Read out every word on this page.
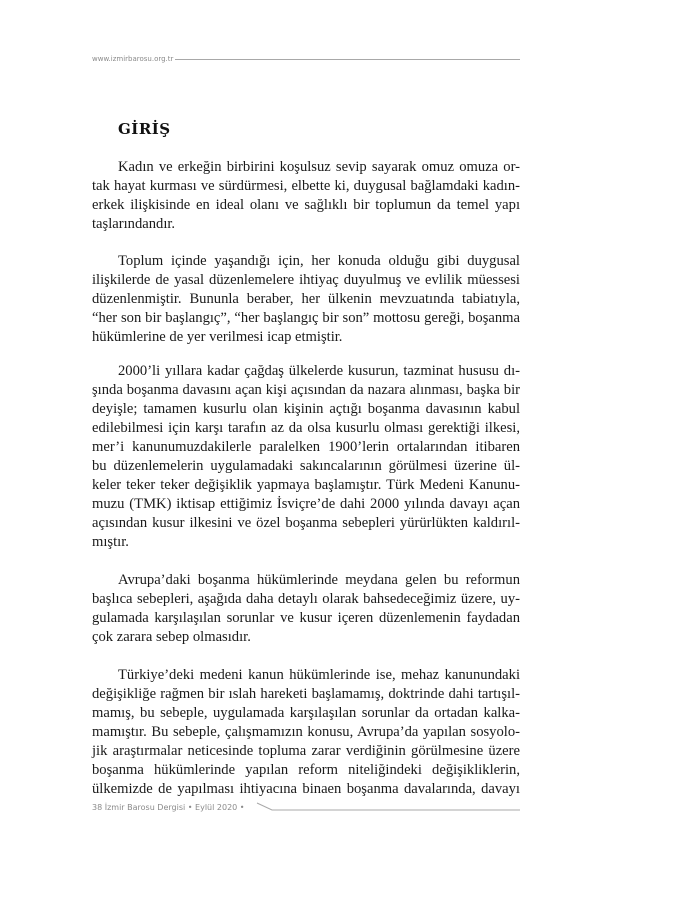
www.izmirbarosu.org.tr
GİRİŞ
Kadın ve erkeğin birbirini koşulsuz sevip sayarak omuz omuza or-
tak hayat kurması ve sürdürmesi, elbette ki, duygusal bağlamdaki kadın-
erkek ilişkisinde en ideal olanı ve sağlıklı bir toplumun da temel yapı
taşlarındandır.
Toplum içinde yaşandığı için, her konuda olduğu gibi duygusal
ilişkilerde de yasal düzenlemelere ihtiyaç duyulmuş ve evlilik müessesi
düzenlenmiştir. Bununla beraber, her ülkenin mevzuatında tabiatıyla,
“her son bir başlangıç”, “her başlangıç bir son” mottosu gereği, boşanma
hükümlerine de yer verilmesi icap etmiştir.
2000’li yıllara kadar çağdaş ülkelerde kusurun, tazminat hususu dı-
şında boşanma davasını açan kişi açısından da nazara alınması, başka bir
deyişle; tamamen kusurlu olan kişinin açtığı boşanma davasının kabul
edilebilmesi için karşı tarafın az da olsa kusurlu olması gerektiği ilkesi,
mer’i kanunumuzdakilerle paralelken 1900’lerin ortalarından itibaren
bu düzenlemelerin uygulamadaki sakıncalarının görülmesi üzerine ül-
keler teker teker değişiklik yapmaya başlamıştır. Türk Medeni Kanunu-
muzu (TMK) iktisap ettiğimiz İsviçre’de dahi 2000 yılında davayı açan
açısından kusur ilkesini ve özel boşanma sebepleri yürürlükten kaldırıl-
mıştır.
Avrupa’daki boşanma hükümlerinde meydana gelen bu reformun
başlıca sebepleri, aşağıda daha detaylı olarak bahsedeceğimiz üzere, uy-
gulamada karşılaşılan sorunlar ve kusur içeren düzenlemenin faydadan
çok zarara sebep olmasıdır.
Türkiye’deki medeni kanun hükümlerinde ise, mehaz kanunundaki
değişikliğe rağmen bir ıslah hareketi başlamamış, doktrinde dahi tartışıl-
mamış, bu sebeple, uygulamada karşılaşılan sorunlar da ortadan kalka-
mamıştır. Bu sebeple, çalışmamızın konusu, Avrupa’da yapılan sosyolo-
jik araştırmalar neticesinde topluma zarar verdiğinin görülmesine üzere
boşanma hükümlerinde yapılan reform niteliğindeki değişikliklerin,
ülkemizde de yapılması ihtiyacına binaen boşanma davalarında, davayı
38 İzmir Barosu Dergisi • Eylül 2020 •
